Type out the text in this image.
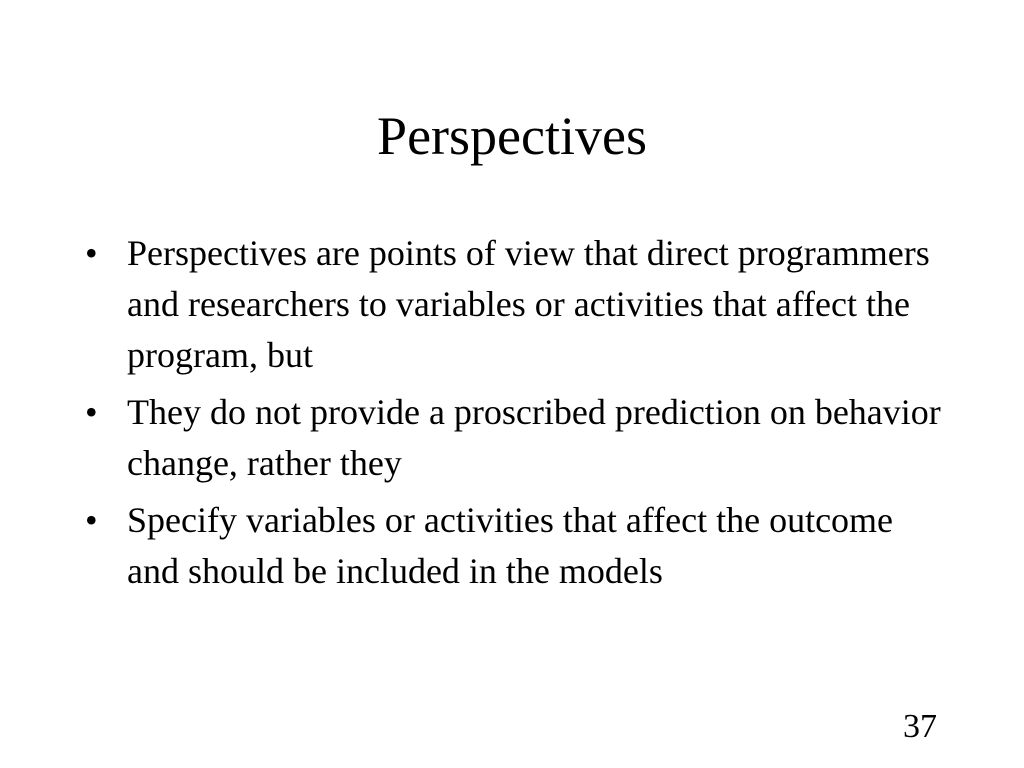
Perspectives
• Perspectives are points of view that direct programmers and researchers to variables or activities that affect the program, but
• They do not provide a proscribed prediction on behavior change, rather they
• Specify variables or activities that affect the outcome and should be included in the models
37
